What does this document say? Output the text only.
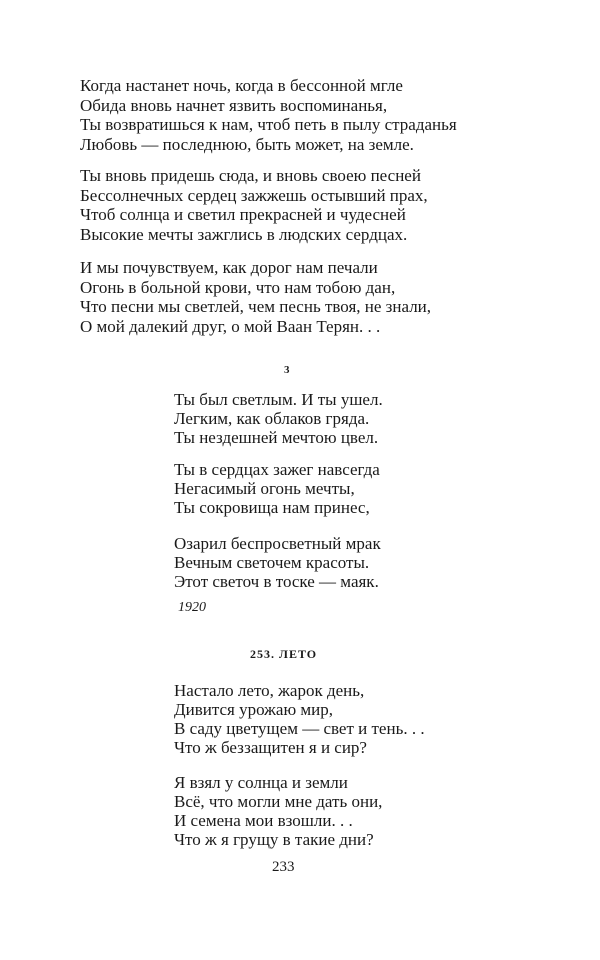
Когда настанет ночь, когда в бессонной мгле
Обида вновь начнет язвить воспоминанья,
Ты возвратишься к нам, чтоб петь в пылу страданья
Любовь — последнюю, быть может, на земле.
Ты вновь придешь сюда, и вновь своею песней
Бессолнечных сердец зажжешь остывший прах,
Чтоб солнца и светил прекрасней и чудесней
Высокие мечты зажглись в людских сердцах.
И мы почувствуем, как дорог нам печали
Огонь в больной крови, что нам тобою дан,
Что песни мы светлей, чем песнь твоя, не знали,
О мой далекий друг, о мой Ваан Терян. . .
3
Ты был светлым. И ты ушел.
Легким, как облаков гряда.
Ты нездешней мечтою цвел.
Ты в сердцах зажег навсегда
Негасимый огонь мечты,
Ты сокровища нам принес,
Озарил беспросветный мрак
Вечным светочем красоты.
Этот светоч в тоске — маяк.
1920
253. ЛЕТО
Настало лето, жарок день,
Дивится урожаю мир,
В саду цветущем — свет и тень. . .
Что ж беззащитен я и сир?
Я взял у солнца и земли
Всё, что могли мне дать они,
И семена мои взошли. . .
Что ж я грущу в такие дни?
233
